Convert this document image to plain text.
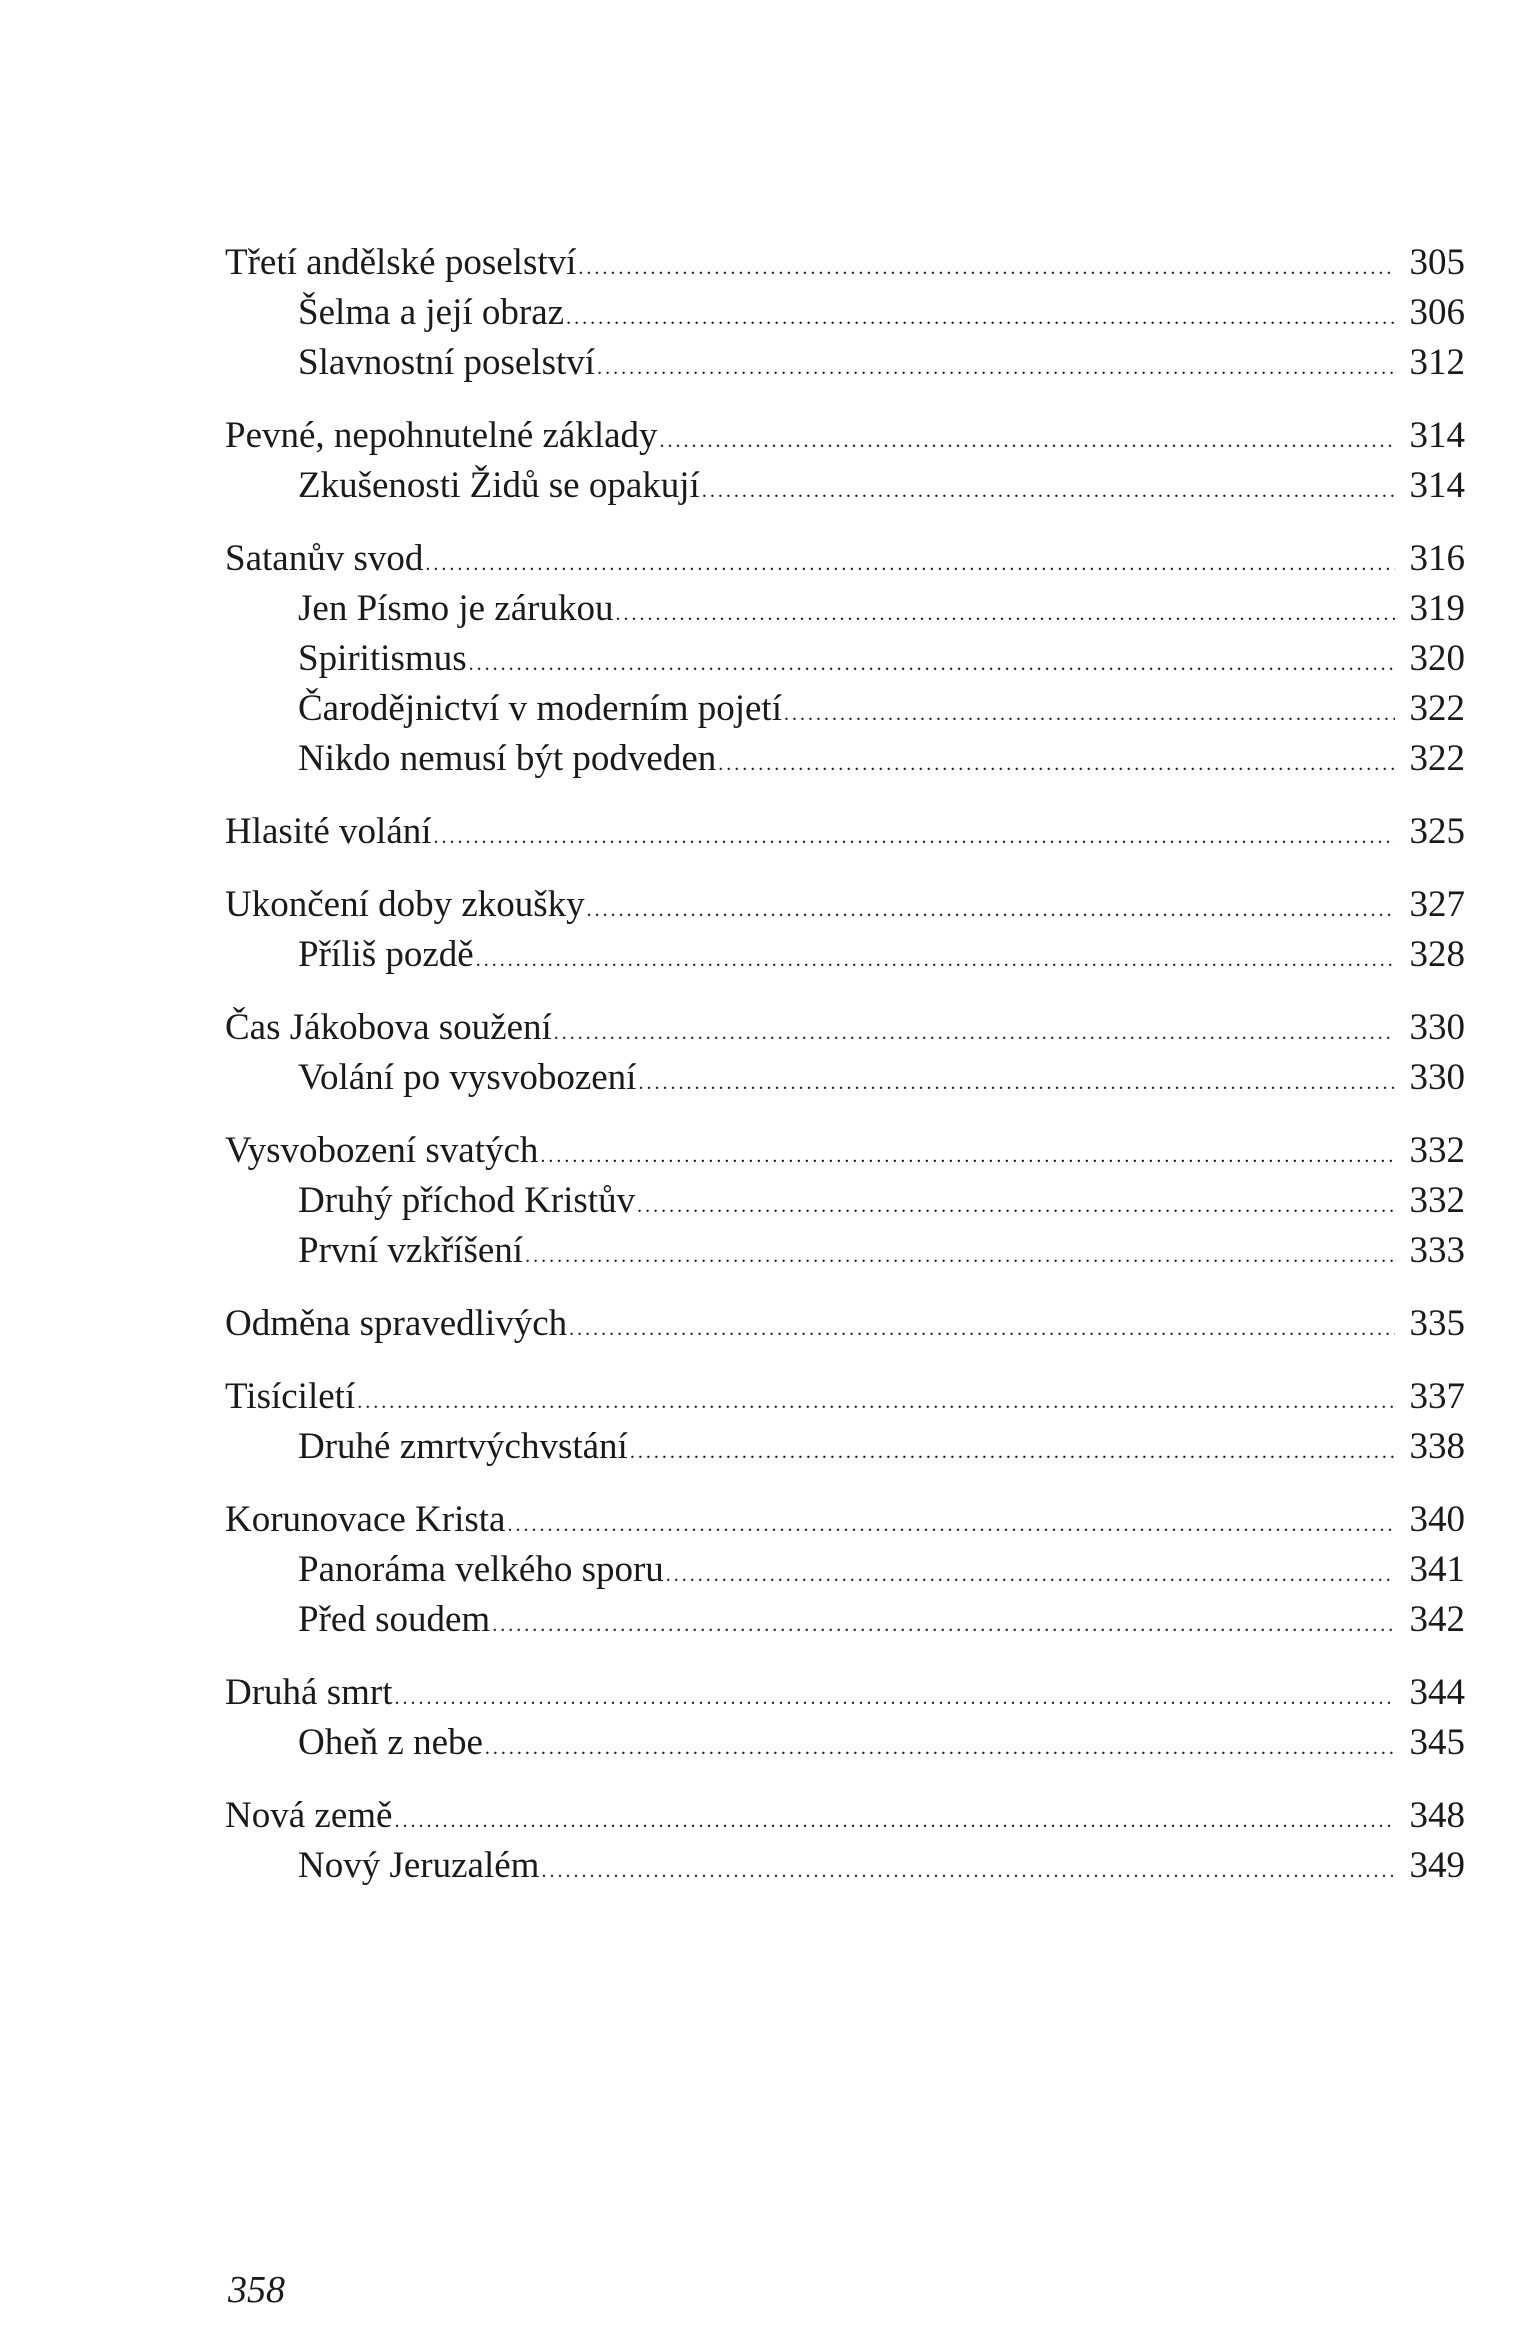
Třetí andělské poselství . . .	305
Šelma a její obraz . . .	306
Slavnostní poselství . . .	312
Pevné, nepohnutelné základy . . .	314
Zkušenosti Židů se opakují . . .	314
Satanův svod . . .	316
Jen Písmo je zárukou . . .	319
Spiritismus . . .	320
Čarodějnictví v moderním pojetí . . .	322
Nikdo nemusí být podveden . . .	322
Hlasité volání . . .	325
Ukončení doby zkoušky . . .	327
Příliš pozdě . . .	328
Čas Jákobova soužení . . .	330
Volání po vysvobození . . .	330
Vysvobození svatých . . .	332
Druhý příchod Kristův . . .	332
První vzkříšení . . .	333
Odměna spravedlivých . . .	335
Tisíciletí . . .	337
Druhé zmrtvýchvstání . . .	338
Korunovace Krista . . .	340
Panoráma velkého sporu . . .	341
Před soudem . . .	342
Druhá smrt . . .	344
Oheň z nebe . . .	345
Nová země . . .	348
Nový Jeruzalém . . .	349
358
